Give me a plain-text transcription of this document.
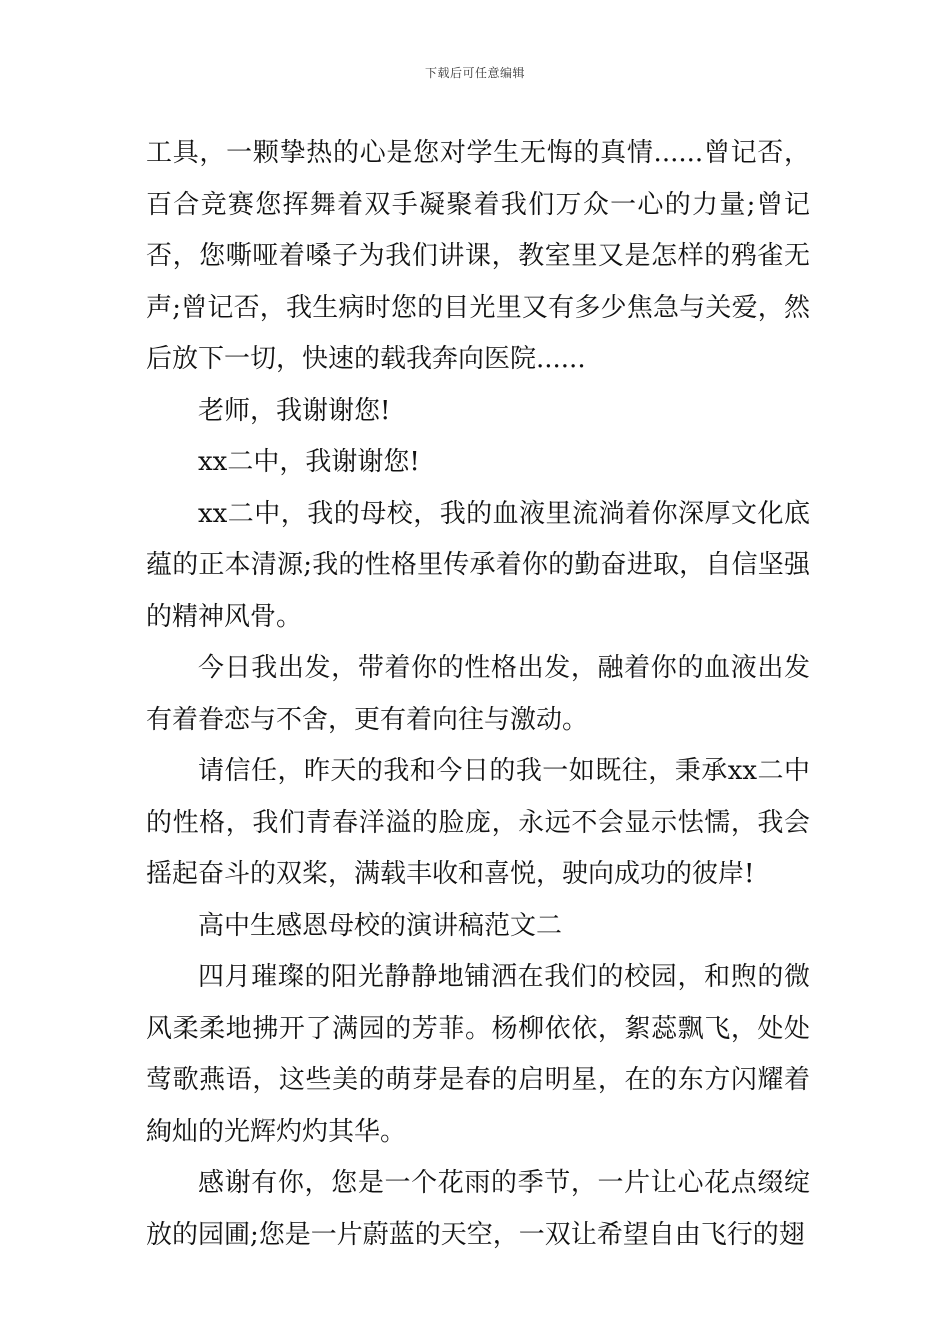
下载后可任意编辑

工具，一颗挚热的心是您对学生无悔的真情......曾记否，百合竞赛您挥舞着双手凝聚着我们万众一心的力量;曾记否，您嘶哑着嗓子为我们讲课，教室里又是怎样的鸦雀无声;曾记否，我生病时您的目光里又有多少焦急与关爱，然后放下一切，快速的载我奔向医院......

老师，我谢谢您!

xx二中，我谢谢您!

xx二中，我的母校，我的血液里流淌着你深厚文化底蕴的正本清源;我的性格里传承着你的勤奋进取，自信坚强的精神风骨。

今日我出发，带着你的性格出发，融着你的血液出发有着眷恋与不舍，更有着向往与激动。

请信任，昨天的我和今日的我一如既往，秉承xx二中的性格，我们青春洋溢的脸庞，永远不会显示怯懦，我会摇起奋斗的双桨，满载丰收和喜悦，驶向成功的彼岸!

高中生感恩母校的演讲稿范文二

四月璀璨的阳光静静地铺洒在我们的校园，和煦的微风柔柔地拂开了满园的芳菲。杨柳依依，絮蕊飘飞，处处莺歌燕语，这些美的萌芽是春的启明星，在的东方闪耀着絢灿的光辉灼灼其华。

感谢有你，您是一个花雨的季节，一片让心花点缀绽放的园圃;您是一片蔚蓝的天空，一双让希望自由飞行的翅
